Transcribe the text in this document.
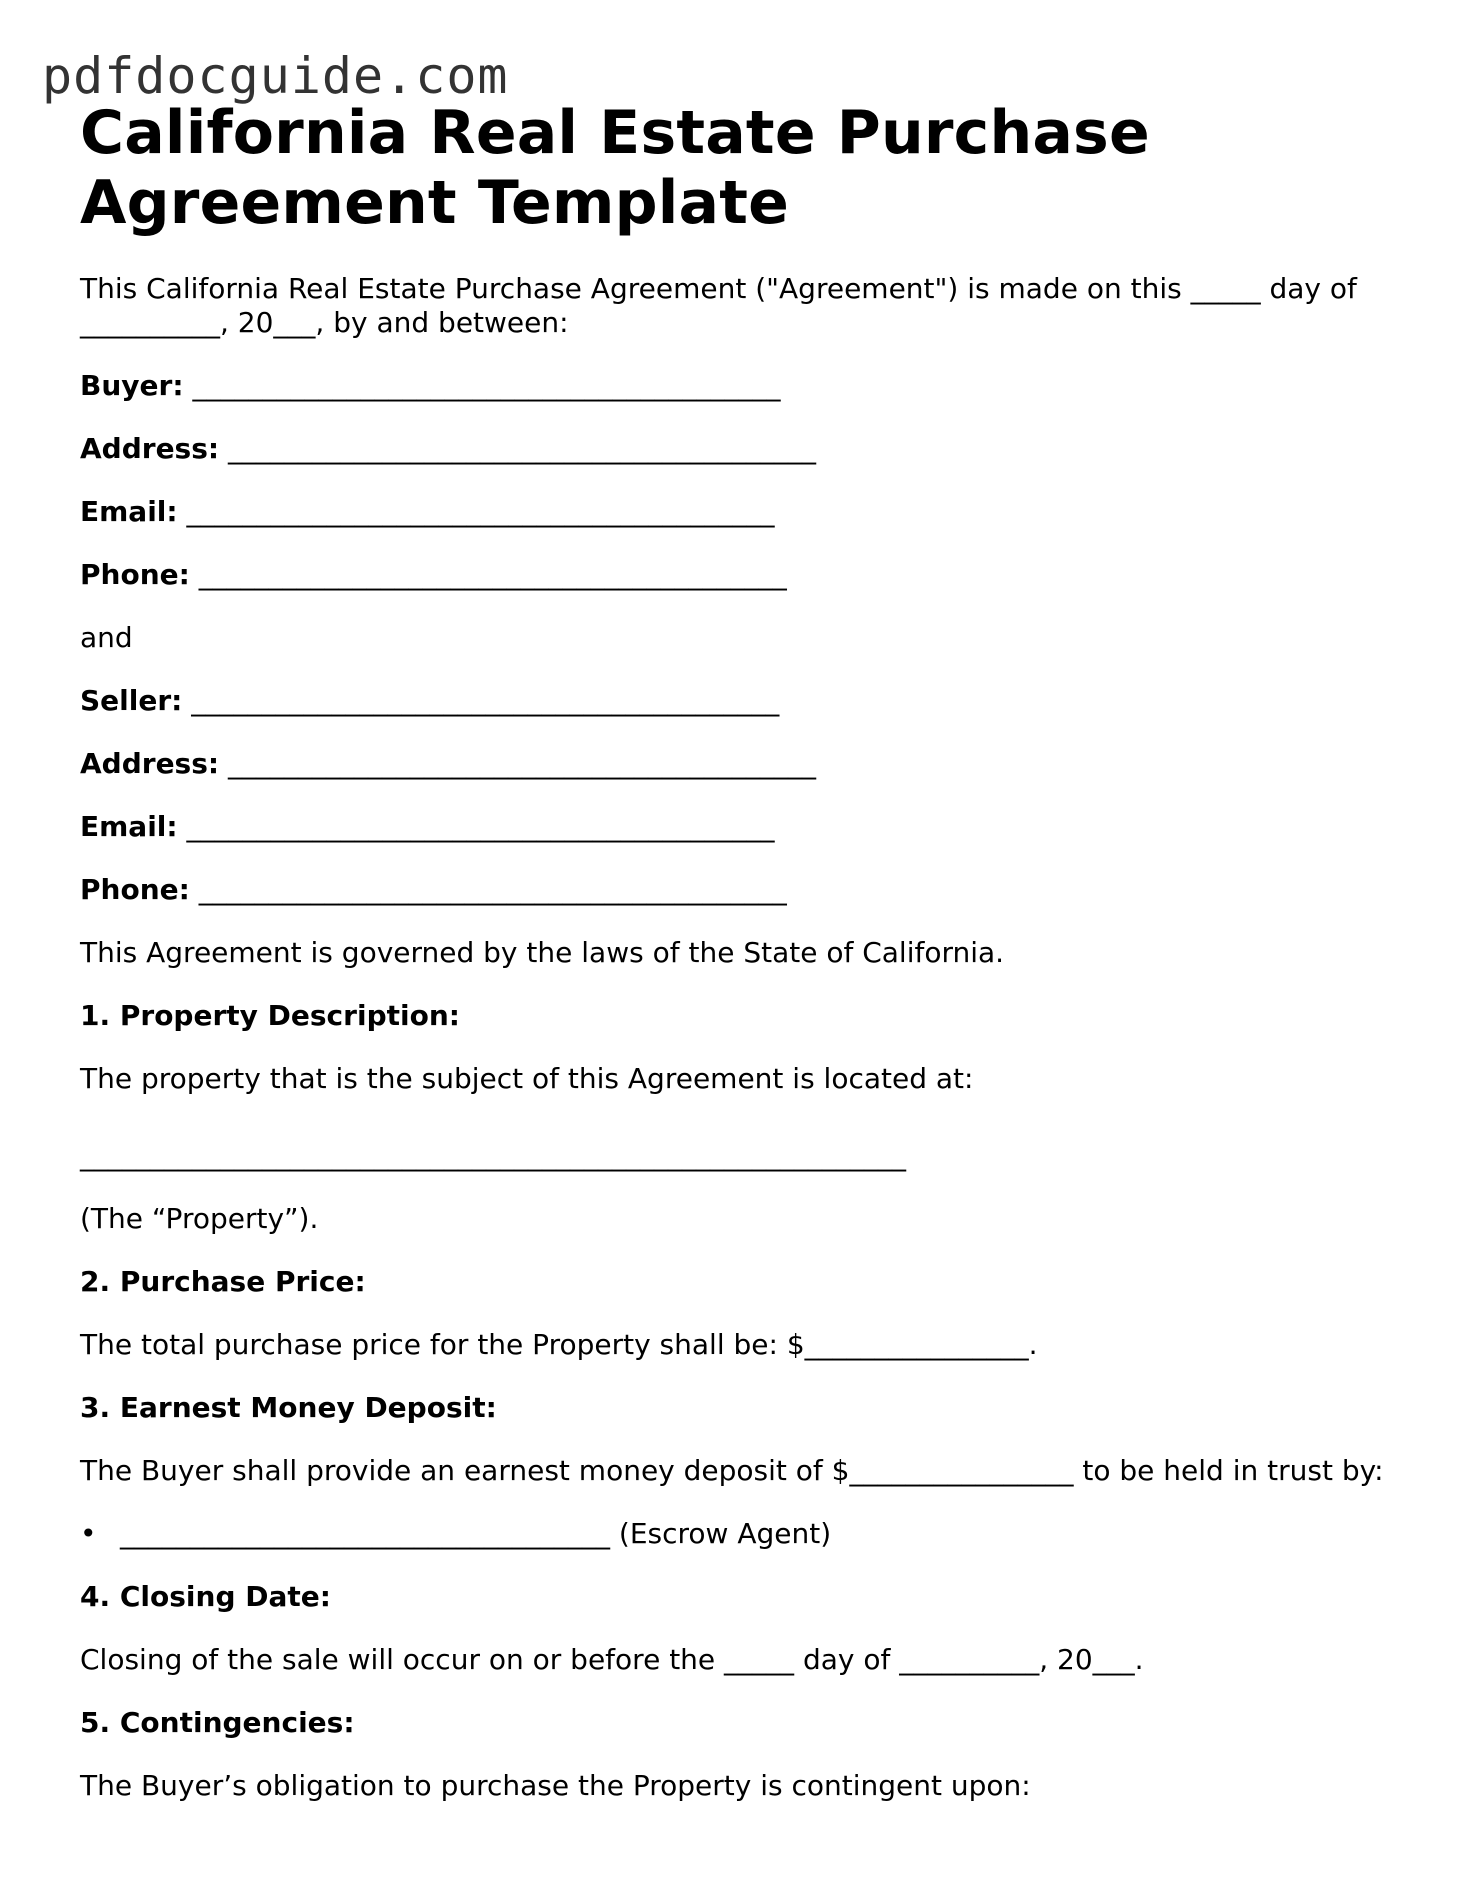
pdfdocguide.com
California Real Estate Purchase Agreement Template

This California Real Estate Purchase Agreement ("Agreement") is made on this _____ day of __________, 20___, by and between:

Buyer: __________________________________________
Address: __________________________________________
Email: __________________________________________
Phone: __________________________________________

and

Seller: __________________________________________
Address: __________________________________________
Email: __________________________________________
Phone: __________________________________________

This Agreement is governed by the laws of the State of California.

1. Property Description:

The property that is the subject of this Agreement is located at:

___________________________________________________________

(The “Property”).

2. Purchase Price:

The total purchase price for the Property shall be: $________________.

3. Earnest Money Deposit:

The Buyer shall provide an earnest money deposit of $________________ to be held in trust by:

• ___________________________________ (Escrow Agent)
4. Closing Date:

Closing of the sale will occur on or before the _____ day of __________, 20___.

5. Contingencies:

The Buyer’s obligation to purchase the Property is contingent upon:
